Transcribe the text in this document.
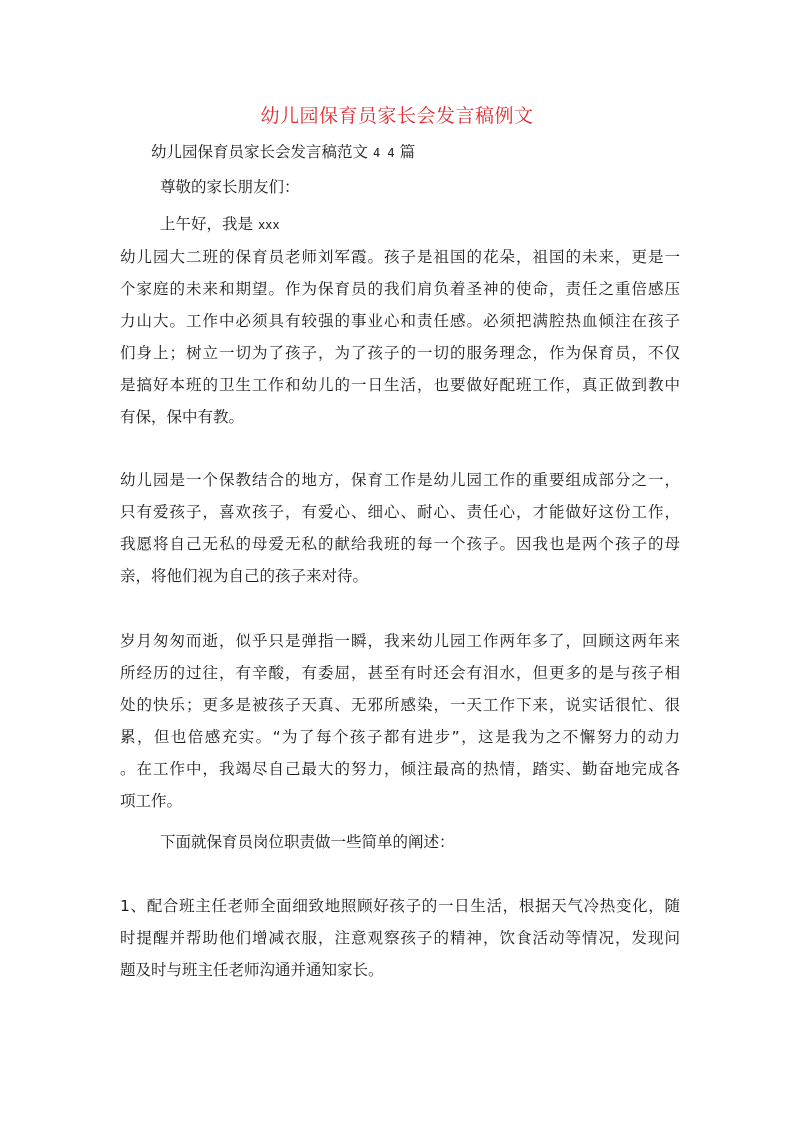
幼儿园保育员家长会发言稿例文
幼儿园保育员家长会发言稿范文 4 4 篇
尊敬的家长朋友们：
上午好，我是 xxx
幼儿园大二班的保育员老师刘军霞。孩子是祖国的花朵，祖国的未来，更是一
个家庭的未来和期望。作为保育员的我们肩负着圣神的使命，责任之重倍感压
力山大。工作中必须具有较强的事业心和责任感。必须把满腔热血倾注在孩子
们身上；树立一切为了孩子，为了孩子的一切的服务理念，作为保育员，不仅
是搞好本班的卫生工作和幼儿的一日生活，也要做好配班工作，真正做到教中
有保，保中有教。
幼儿园是一个保教结合的地方，保育工作是幼儿园工作的重要组成部分之一，
只有爱孩子，喜欢孩子，有爱心、细心、耐心、责任心，才能做好这份工作，
我愿将自己无私的母爱无私的献给我班的每一个孩子。因我也是两个孩子的母
亲，将他们视为自己的孩子来对待。
岁月匆匆而逝，似乎只是弹指一瞬，我来幼儿园工作两年多了，回顾这两年来
所经历的过往，有辛酸，有委屈，甚至有时还会有泪水，但更多的是与孩子相
处的快乐；更多是被孩子天真、无邪所感染，一天工作下来，说实话很忙、很
累，但也倍感充实。“为了每个孩子都有进步”，这是我为之不懈努力的动力
。在工作中，我竭尽自己最大的努力，倾注最高的热情，踏实、勤奋地完成各
项工作。
下面就保育员岗位职责做一些简单的阐述：
1、配合班主任老师全面细致地照顾好孩子的一日生活，根据天气冷热变化，随
时提醒并帮助他们增减衣服，注意观察孩子的精神，饮食活动等情况，发现问
题及时与班主任老师沟通并通知家长。
